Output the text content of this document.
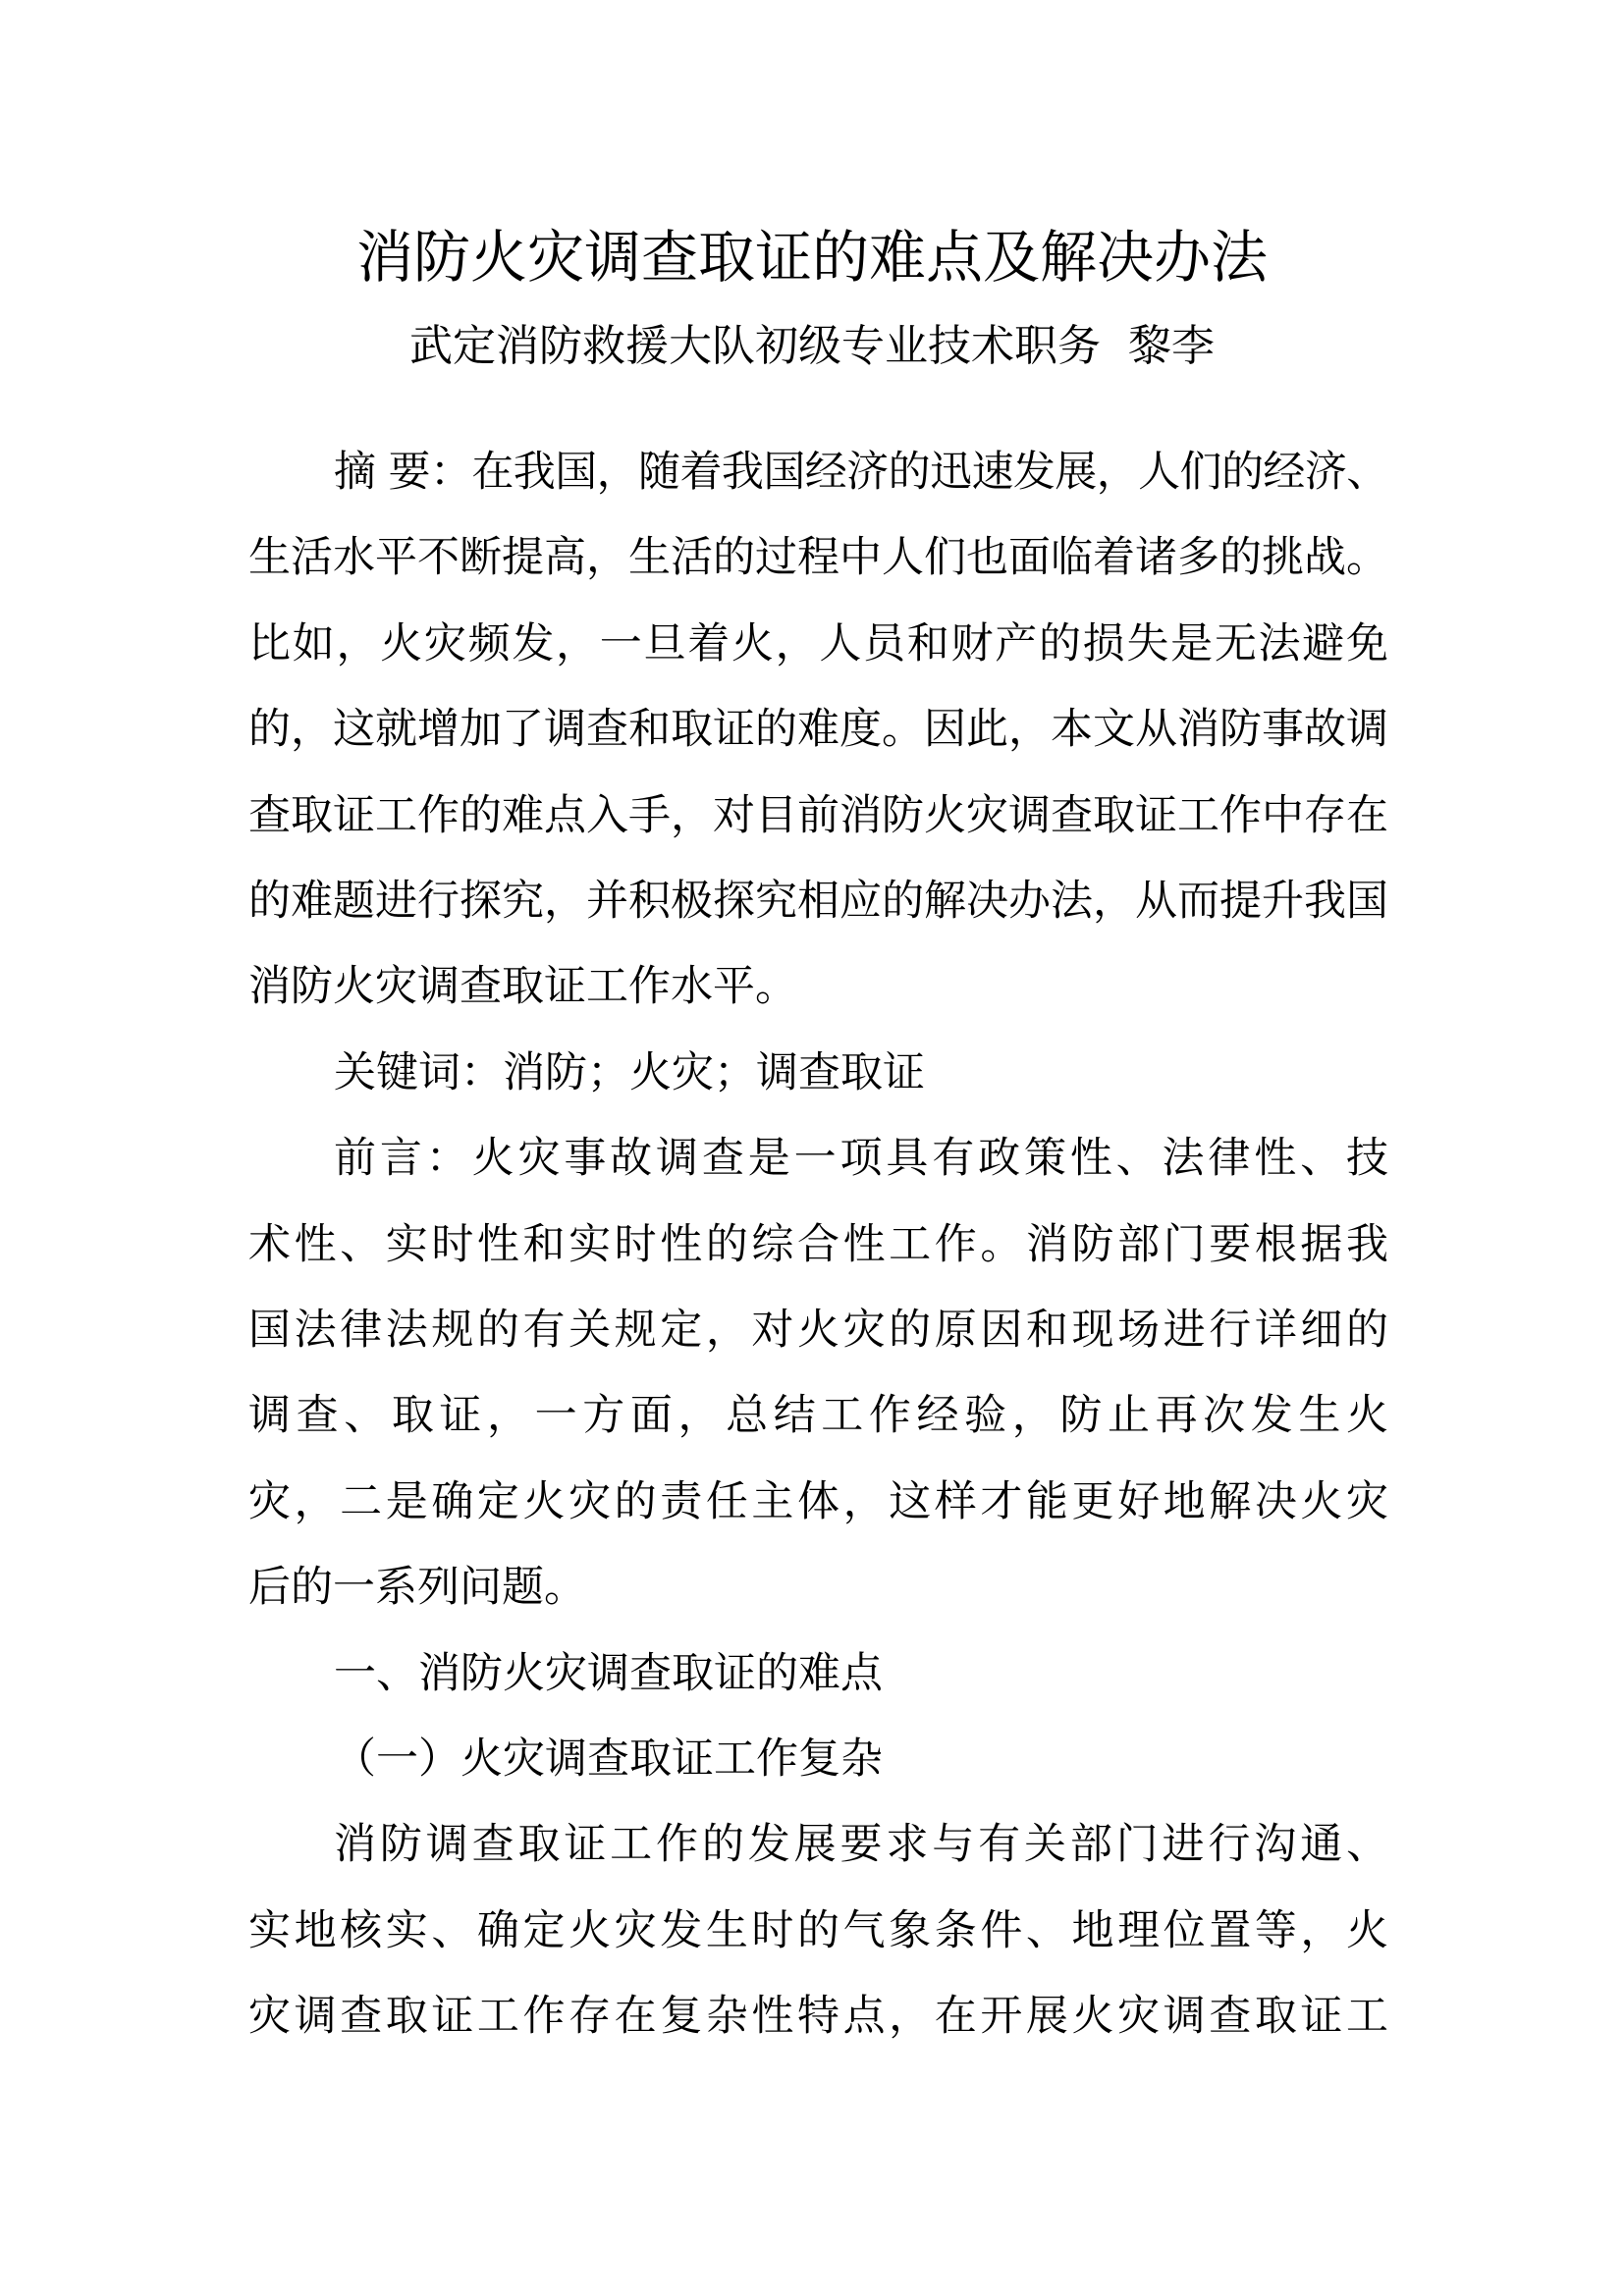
消防火灾调查取证的难点及解决办法
武定消防救援大队初级专业技术职务  黎李
摘 要：在我国，随着我国经济的迅速发展，人们的经济、
生活水平不断提高，生活的过程中人们也面临着诸多的挑战。
比如，火灾频发，一旦着火，人员和财产的损失是无法避免
的，这就增加了调查和取证的难度。因此，本文从消防事故调
查取证工作的难点入手，对目前消防火灾调查取证工作中存在
的难题进行探究，并积极探究相应的解决办法，从而提升我国
消防火灾调查取证工作水平。
关键词：消防；火灾；调查取证
前言：火灾事故调查是一项具有政策性、法律性、技
术性、实时性和实时性的综合性工作。消防部门要根据我
国法律法规的有关规定，对火灾的原因和现场进行详细的
调查、取证，一方面，总结工作经验，防止再次发生火
灾，二是确定火灾的责任主体，这样才能更好地解决火灾
后的一系列问题。
一、消防火灾调查取证的难点
（一）火灾调查取证工作复杂
消防调查取证工作的发展要求与有关部门进行沟通、
实地核实、确定火灾发生时的气象条件、地理位置等，火
灾调查取证工作存在复杂性特点，在开展火灾调查取证工
